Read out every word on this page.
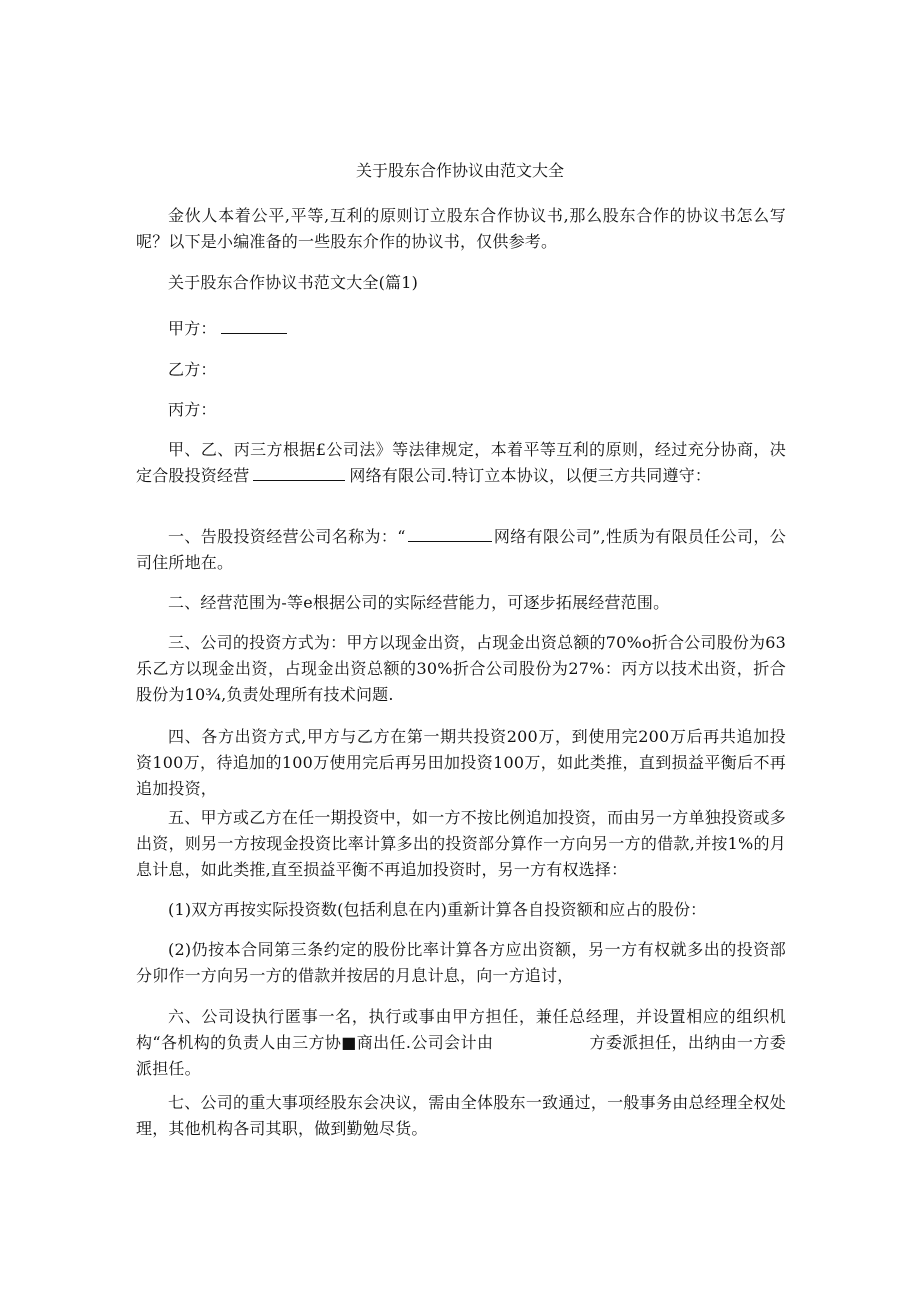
关于股东合作协议由范文大全
金伙人本着公平,平等,互利的原则订立股东合作协议书,那么股东合作的协议书怎么写呢？以下是小编准备的一些股东介作的协议书，仅供参考。
关于股东合作协议书范文大全(篇1)
甲方：
乙方：
丙方：
甲、乙、丙三方根据£公司法》等法律规定，本着平等互利的原则，经过充分协商，决定合股投资经营	网络有限公司.特订立本协议，以便三方共同遵守：
一、告股投资经营公司名称为：“	网络有限公司”,性质为有限员任公司，公司住所地在。
二、经营范围为-等e根据公司的实际经营能力，可逐步拓展经营范围。
三、公司的投资方式为：甲方以现金出资，占现金出资总额的70%o折合公司股份为63乐乙方以现金出资，占现金出资总额的30%折合公司股份为27%：丙方以技术出资，折合股份为10¾,负责处理所有技术问题.
四、各方出资方式,甲方与乙方在第一期共投资200万，到使用完200万后再共追加投资100万，待追加的100万使用完后再另田加投资100万，如此类推，直到损益平衡后不再追加投资，
五、甲方或乙方在任一期投资中，如一方不按比例追加投资，而由另一方单独投资或多出资，则另一方按现金投资比率计算多出的投资部分算作一方向另一方的借款,并按1%的月息计息，如此类推,直至损益平衡不再追加投资时，另一方有权选择：
(1)双方再按实际投资数(包括利息在内)重新计算各自投资额和应占的股份：
(2)仍按本合同第三条约定的股份比率计算各方应出资额，另一方有权就多出的投资部分卯作一方向另一方的借款并按居的月息计息，向一方追讨，
六、公司设执行匿事一名，执行或事由甲方担任，兼任总经理，并设置相应的组织机构“各机构的负责人由三方协■商出任.公司会计由	方委派担任，出纳由一方委派担任。
七、公司的重大事项经股东会决议，需由全体股东一致通过，一般事务由总经理全权处理，其他机构各司其职，做到勤勉尽货。
